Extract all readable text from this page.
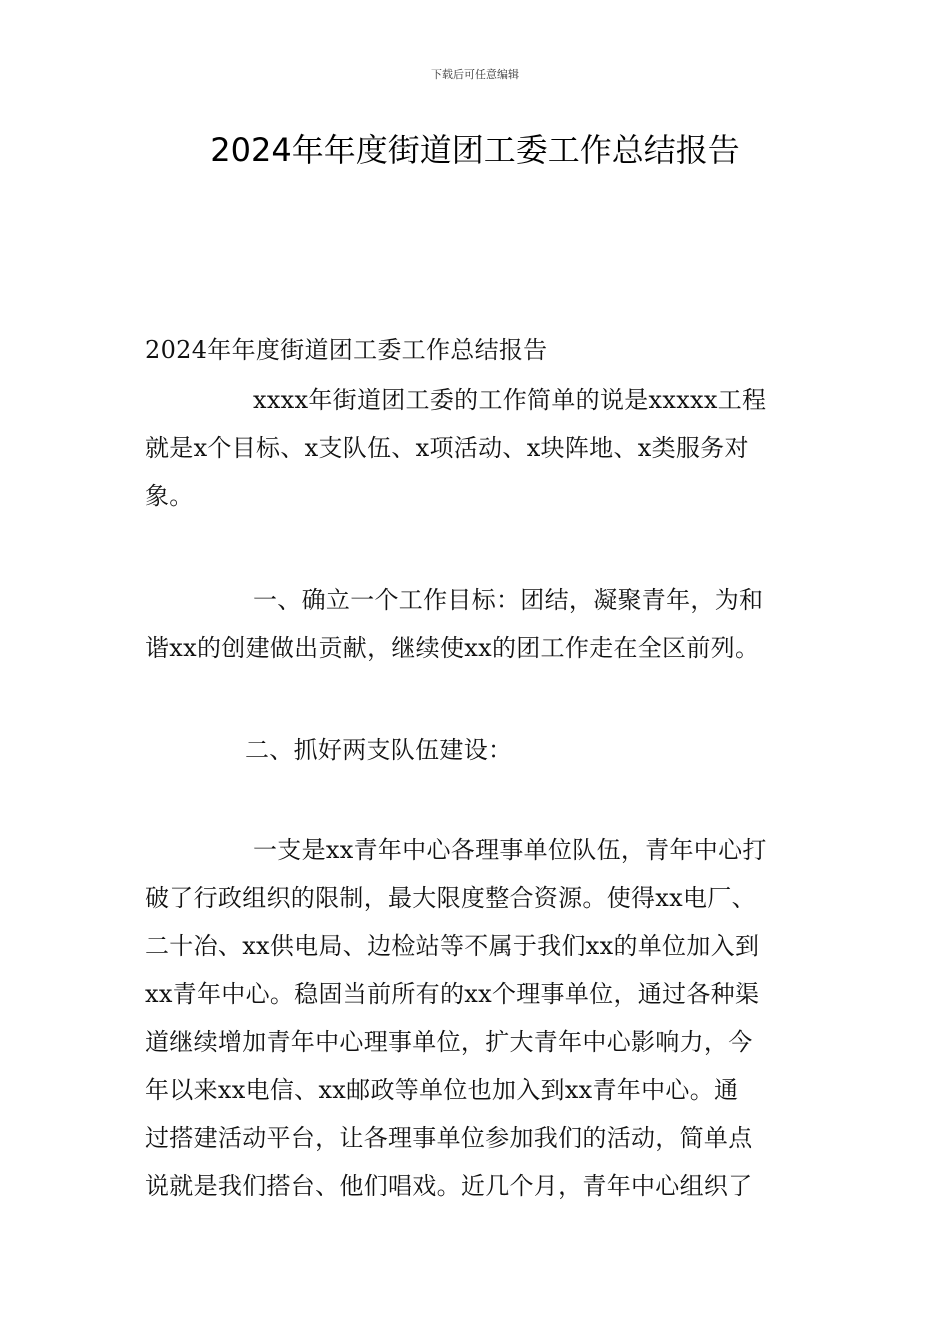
下载后可任意编辑
2024年年度街道团工委工作总结报告
2024年年度街道团工委工作总结报告
xxxx年街道团工委的工作简单的说是xxxxx工程
就是x个目标、x支队伍、x项活动、x块阵地、x类服务对
象。
一、确立一个工作目标：团结，凝聚青年，为和
谐xx的创建做出贡献，继续使xx的团工作走在全区前列。
二、抓好两支队伍建设：
一支是xx青年中心各理事单位队伍，青年中心打
破了行政组织的限制，最大限度整合资源。使得xx电厂、
二十冶、xx供电局、边检站等不属于我们xx的单位加入到
xx青年中心。稳固当前所有的xx个理事单位，通过各种渠
道继续增加青年中心理事单位，扩大青年中心影响力，今
年以来xx电信、xx邮政等单位也加入到xx青年中心。通
过搭建活动平台，让各理事单位参加我们的活动，简单点
说就是我们搭台、他们唱戏。近几个月，青年中心组织了
